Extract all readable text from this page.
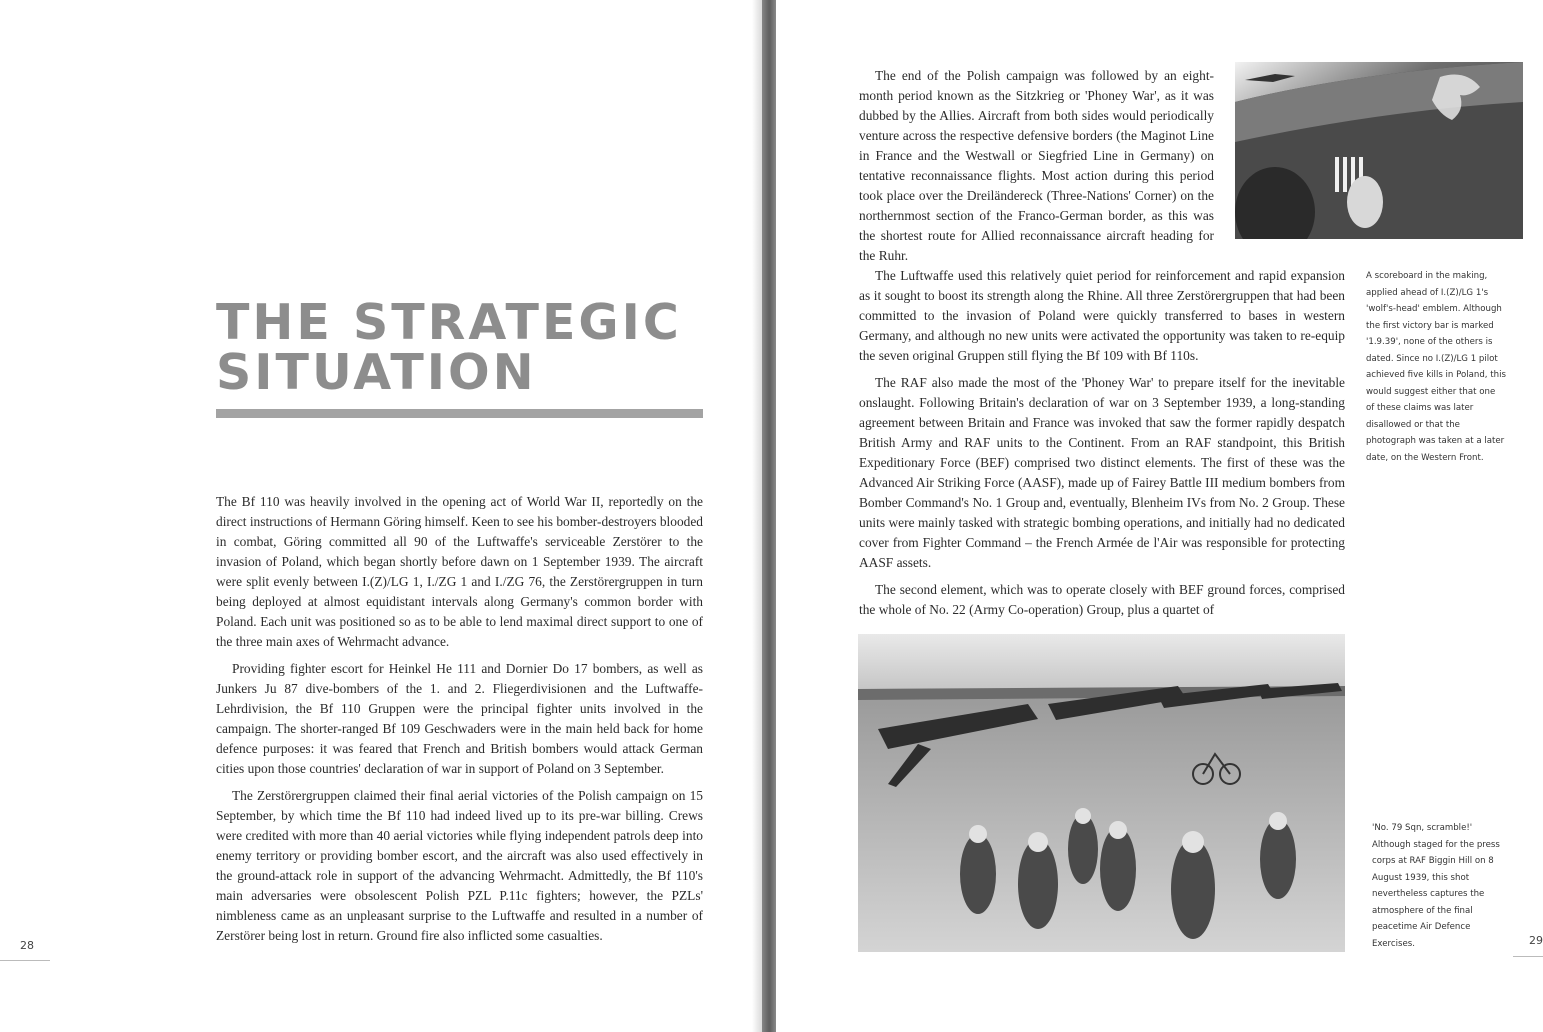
THE STRATEGIC
SITUATION

The Bf 110 was heavily involved in the opening act of World War II, reportedly on the direct instructions of Hermann Göring himself. Keen to see his bomber-destroyers blooded in combat, Göring committed all 90 of the Luftwaffe's serviceable Zerstörer to the invasion of Poland, which began shortly before dawn on 1 September 1939. The aircraft were split evenly between I.(Z)/LG 1, I./ZG 1 and I./ZG 76, the Zerstörergruppen in turn being deployed at almost equidistant intervals along Germany's common border with Poland. Each unit was positioned so as to be able to lend maximal direct support to one of the three main axes of Wehrmacht advance.

Providing fighter escort for Heinkel He 111 and Dornier Do 17 bombers, as well as Junkers Ju 87 dive-bombers of the 1. and 2. Fliegerdivisionen and the Luftwaffe-Lehrdivision, the Bf 110 Gruppen were the principal fighter units involved in the campaign. The shorter-ranged Bf 109 Geschwaders were in the main held back for home defence purposes: it was feared that French and British bombers would attack German cities upon those countries' declaration of war in support of Poland on 3 September.

The Zerstörergruppen claimed their final aerial victories of the Polish campaign on 15 September, by which time the Bf 110 had indeed lived up to its pre-war billing. Crews were credited with more than 40 aerial victories while flying independent patrols deep into enemy territory or providing bomber escort, and the aircraft was also used effectively in the ground-attack role in support of the advancing Wehrmacht. Admittedly, the Bf 110's main adversaries were obsolescent Polish PZL P.11c fighters; however, the PZLs' nimbleness came as an unpleasant surprise to the Luftwaffe and resulted in a number of Zerstörer being lost in return. Ground fire also inflicted some casualties.

28

The end of the Polish campaign was followed by an eight-month period known as the Sitzkrieg or 'Phoney War', as it was dubbed by the Allies. Aircraft from both sides would periodically venture across the respective defensive borders (the Maginot Line in France and the Westwall or Siegfried Line in Germany) on tentative reconnaissance flights. Most action during this period took place over the Dreiländereck (Three-Nations' Corner) on the northernmost section of the Franco-German border, as this was the shortest route for Allied reconnaissance aircraft heading for the Ruhr.

A scoreboard in the making, applied ahead of I.(Z)/LG 1's 'wolf's-head' emblem. Although the first victory bar is marked '1.9.39', none of the others is dated. Since no I.(Z)/LG 1 pilot achieved five kills in Poland, this would suggest either that one of these claims was later disallowed or that the photograph was taken at a later date, on the Western Front.

The Luftwaffe used this relatively quiet period for reinforcement and rapid expansion as it sought to boost its strength along the Rhine. All three Zerstörergruppen that had been committed to the invasion of Poland were quickly transferred to bases in western Germany, and although no new units were activated the opportunity was taken to re-equip the seven original Gruppen still flying the Bf 109 with Bf 110s.

The RAF also made the most of the 'Phoney War' to prepare itself for the inevitable onslaught. Following Britain's declaration of war on 3 September 1939, a long-standing agreement between Britain and France was invoked that saw the former rapidly despatch British Army and RAF units to the Continent. From an RAF standpoint, this British Expeditionary Force (BEF) comprised two distinct elements. The first of these was the Advanced Air Striking Force (AASF), made up of Fairey Battle III medium bombers from Bomber Command's No. 1 Group and, eventually, Blenheim IVs from No. 2 Group. These units were mainly tasked with strategic bombing operations, and initially had no dedicated cover from Fighter Command – the French Armée de l'Air was responsible for protecting AASF assets.

The second element, which was to operate closely with BEF ground forces, comprised the whole of No. 22 (Army Co-operation) Group, plus a quartet of

'No. 79 Sqn, scramble!' Although staged for the press corps at RAF Biggin Hill on 8 August 1939, this shot nevertheless captures the atmosphere of the final peacetime Air Defence Exercises.	29
